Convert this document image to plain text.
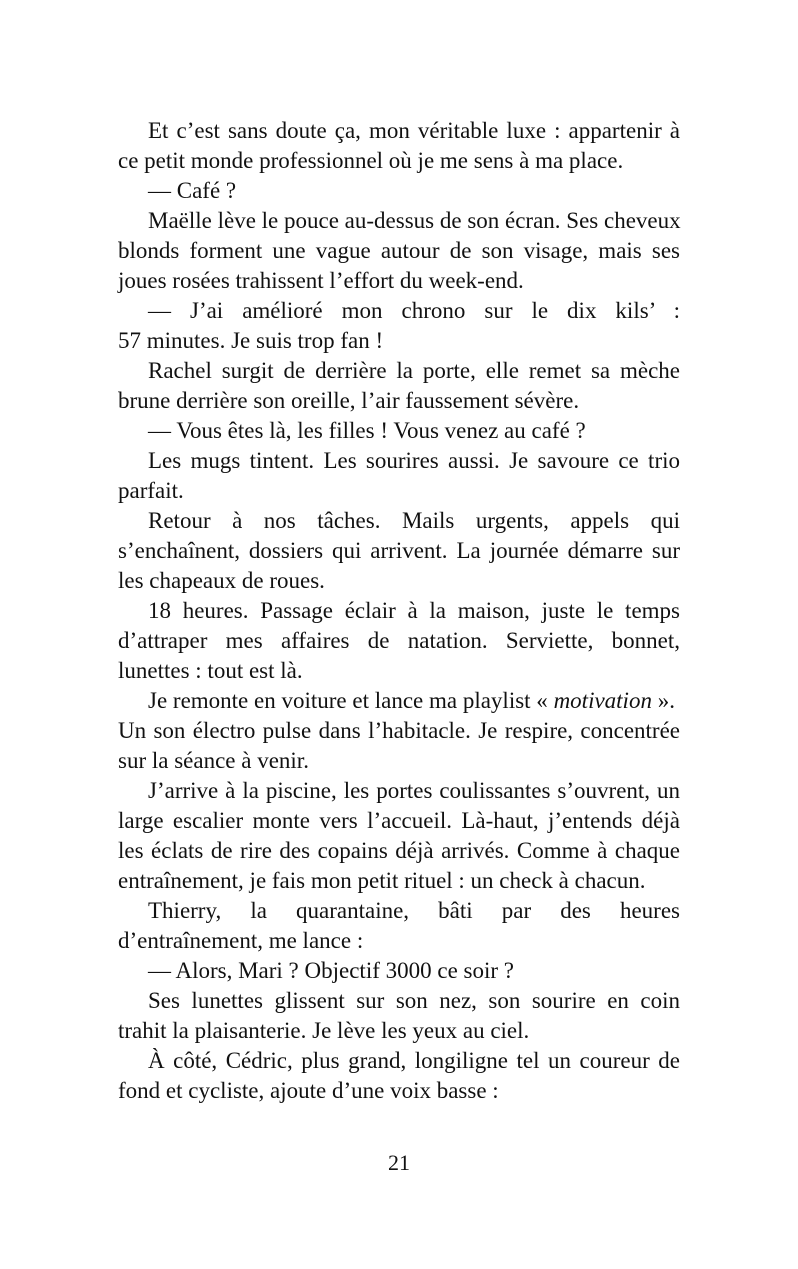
Et c’est sans doute ça, mon véritable luxe : appartenir à
ce petit monde professionnel où je me sens à ma place.
— Café ?
Maëlle lève le pouce au-dessus de son écran. Ses cheveux
blonds forment une vague autour de son visage, mais ses
joues rosées trahissent l’effort du week-end.
— J’ai amélioré mon chrono sur le dix kils’ :
57 minutes. Je suis trop fan !
Rachel surgit de derrière la porte, elle remet sa mèche
brune derrière son oreille, l’air faussement sévère.
— Vous êtes là, les filles ! Vous venez au café ?
Les mugs tintent. Les sourires aussi. Je savoure ce trio
parfait.
Retour à nos tâches. Mails urgents, appels qui
s’enchaînent, dossiers qui arrivent. La journée démarre sur
les chapeaux de roues.
18 heures. Passage éclair à la maison, juste le temps
d’attraper mes affaires de natation. Serviette, bonnet,
lunettes : tout est là.
Je remonte en voiture et lance ma playlist « motivation ».
Un son électro pulse dans l’habitacle. Je respire, concentrée
sur la séance à venir.
J’arrive à la piscine, les portes coulissantes s’ouvrent, un
large escalier monte vers l’accueil. Là-haut, j’entends déjà
les éclats de rire des copains déjà arrivés. Comme à chaque
entraînement, je fais mon petit rituel : un check à chacun.
Thierry, la quarantaine, bâti par des heures
d’entraînement, me lance :
— Alors, Mari ? Objectif 3000 ce soir ?
Ses lunettes glissent sur son nez, son sourire en coin
trahit la plaisanterie. Je lève les yeux au ciel.
À côté, Cédric, plus grand, longiligne tel un coureur de
fond et cycliste, ajoute d’une voix basse :
21
